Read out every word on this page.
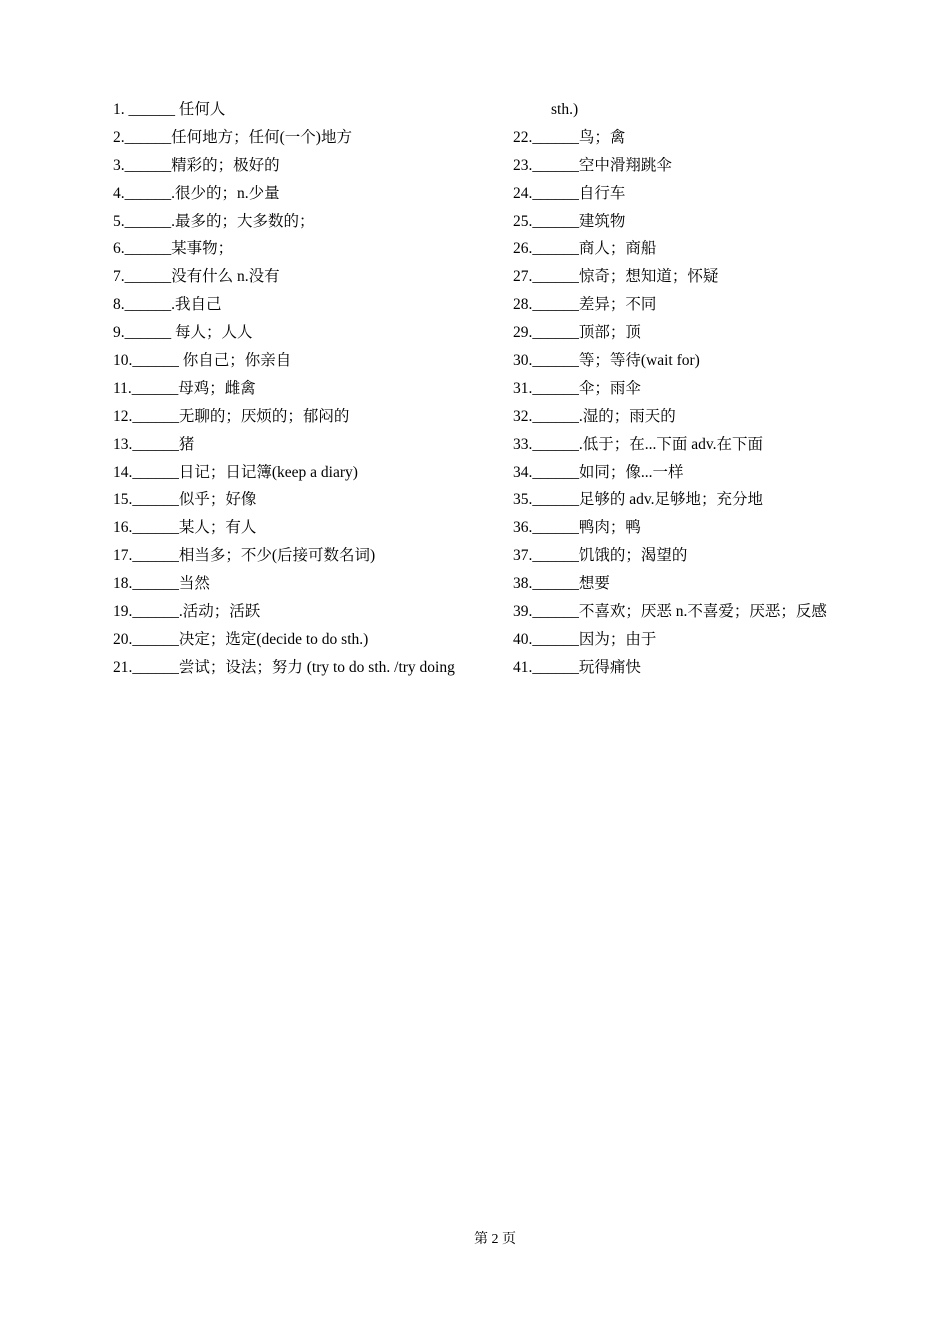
1. ______ 任何人
2.______任何地方；任何(一个)地方
3.______精彩的；极好的
4.______.很少的；n.少量
5.______.最多的；大多数的；
6.______某事物；
7.______没有什么 n.没有
8.______.我自己
9.______ 每人；人人
10.______ 你自己；你亲自
11.______母鸡；雌禽
12.______无聊的；厌烦的；郁闷的
13.______猪
14.______日记；日记簿(keep a diary)
15.______似乎；好像
16.______某人；有人
17.______相当多；不少(后接可数名词)
18.______当然
19.______.活动；活跃
20.______决定；选定(decide to do sth.)
21.______尝试；设法；努力 (try to do sth. /try doing
sth.)
22.______鸟；禽
23.______空中滑翔跳伞
24.______自行车
25.______建筑物
26.______商人；商船
27.______惊奇；想知道；怀疑
28.______差异；不同
29.______顶部；顶
30.______等；等待(wait for)
31.______伞；雨伞
32.______.湿的；雨天的
33.______.低于；在...下面 adv.在下面
34.______如同；像...一样
35.______足够的 adv.足够地；充分地
36.______鸭肉；鸭
37.______饥饿的；渴望的
38.______想要
39.______不喜欢；厌恶 n.不喜爱；厌恶；反感
40.______因为；由于
41.______玩得痛快
第 2 页
